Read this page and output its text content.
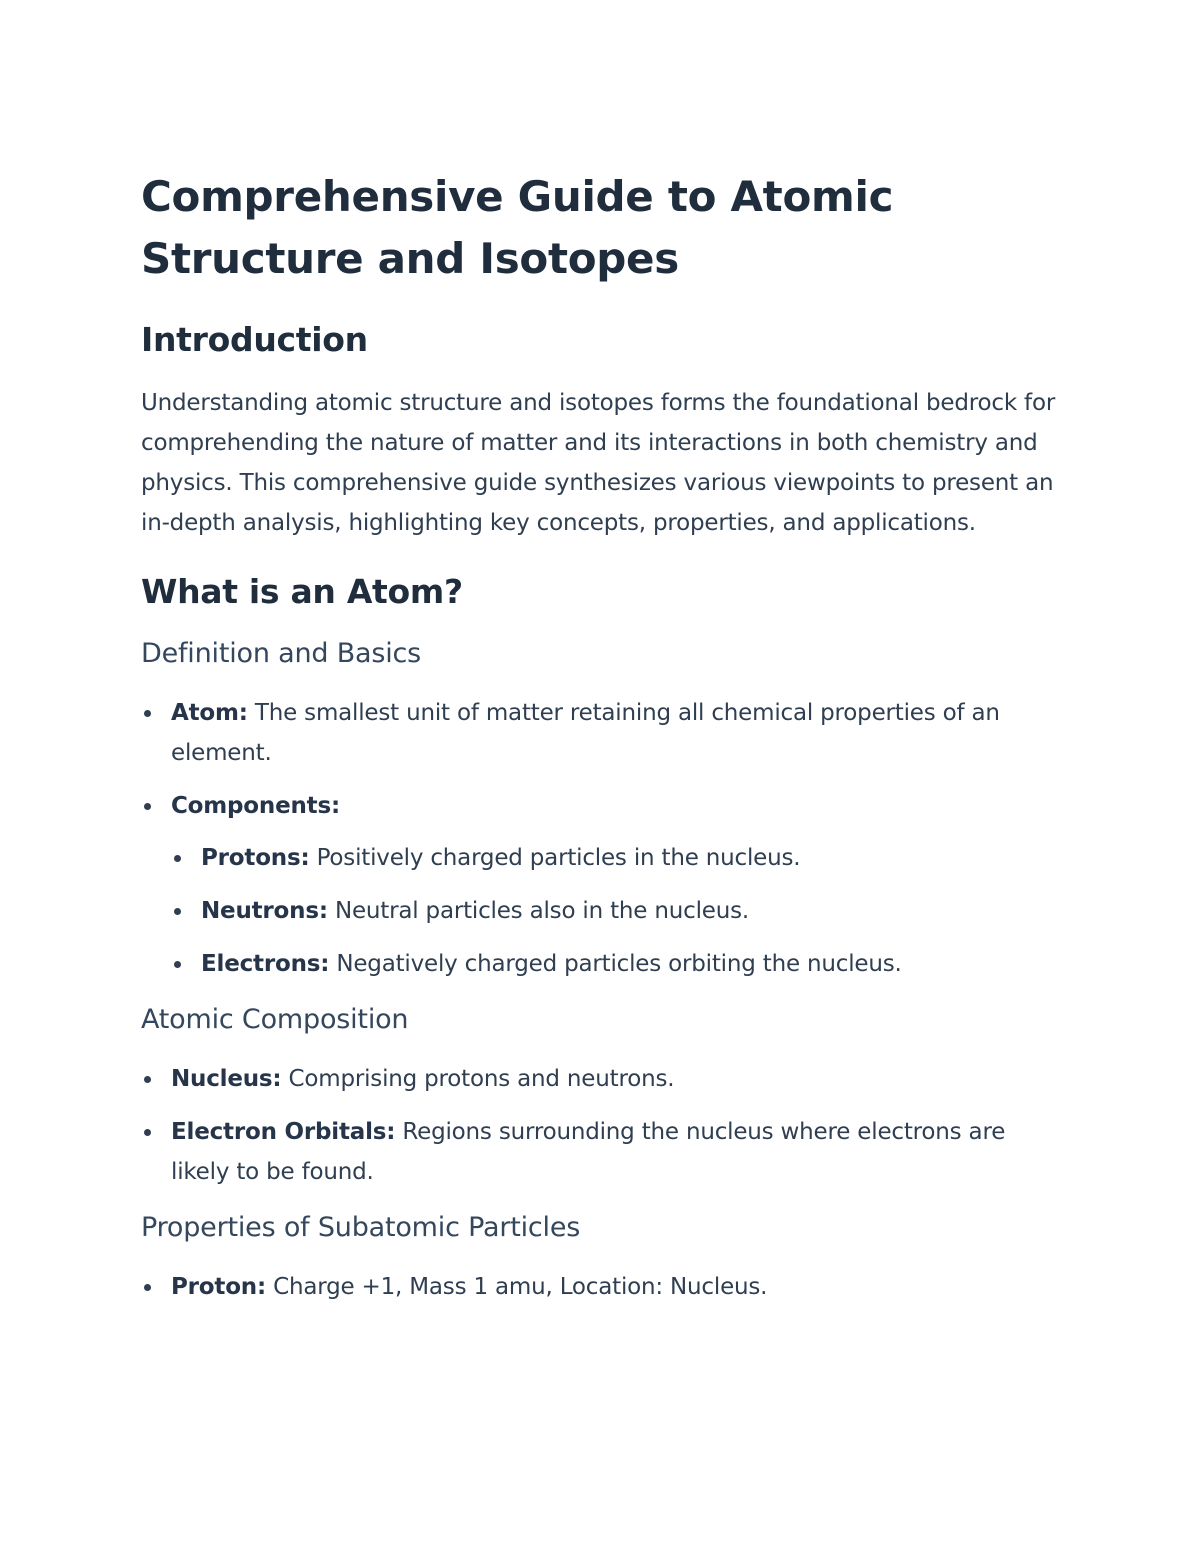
Comprehensive Guide to Atomic Structure and Isotopes
Introduction

Understanding atomic structure and isotopes forms the foundational bedrock for comprehending the nature of matter and its interactions in both chemistry and physics. This comprehensive guide synthesizes various viewpoints to present an in-depth analysis, highlighting key concepts, properties, and applications.

What is an Atom?
Definition and Basics
Atom: The smallest unit of matter retaining all chemical properties of an element.
Components:
Protons: Positively charged particles in the nucleus.
Neutrons: Neutral particles also in the nucleus.
Electrons: Negatively charged particles orbiting the nucleus.
Atomic Composition
Nucleus: Comprising protons and neutrons.
Electron Orbitals: Regions surrounding the nucleus where electrons are likely to be found.
Properties of Subatomic Particles
Proton: Charge +1, Mass 1 amu, Location: Nucleus.
